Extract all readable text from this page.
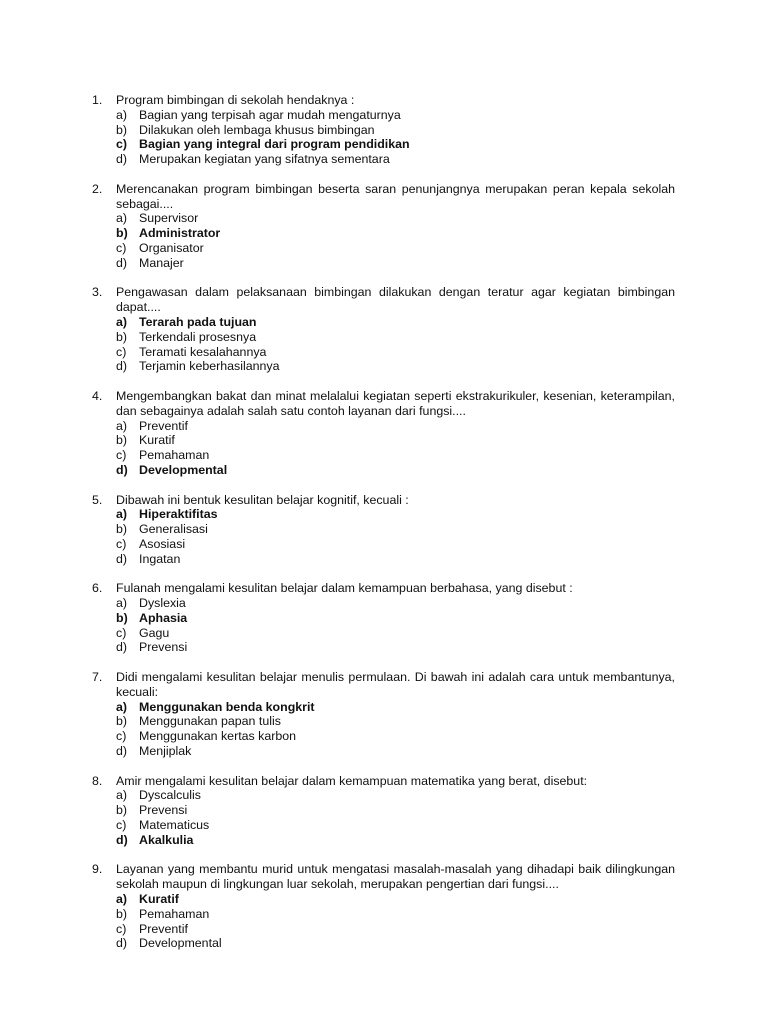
1.	Program bimbingan di sekolah hendaknya :
a) Bagian yang terpisah agar mudah mengaturnya
b) Dilakukan oleh lembaga khusus bimbingan
c) Bagian yang integral dari program pendidikan
d) Merupakan kegiatan yang sifatnya sementara
2.	Merencanakan program bimbingan beserta saran penunjangnya merupakan peran kepala sekolah sebagai....
a) Supervisor
b) Administrator
c) Organisator
d) Manajer
3.	Pengawasan dalam pelaksanaan bimbingan dilakukan dengan teratur agar kegiatan bimbingan dapat....
a) Terarah pada tujuan
b) Terkendali prosesnya
c) Teramati kesalahannya
d) Terjamin keberhasilannya
4.	Mengembangkan bakat dan minat melalalui kegiatan seperti ekstrakurikuler, kesenian, keterampilan, dan sebagainya adalah salah satu contoh layanan dari fungsi....
a) Preventif
b) Kuratif
c) Pemahaman
d) Developmental
5.	Dibawah ini bentuk kesulitan belajar kognitif, kecuali :
a) Hiperaktifitas
b) Generalisasi
c) Asosiasi
d) Ingatan
6.	Fulanah mengalami kesulitan belajar dalam kemampuan berbahasa, yang disebut :
a) Dyslexia
b) Aphasia
c) Gagu
d) Prevensi
7.	Didi mengalami kesulitan belajar menulis permulaan. Di bawah ini adalah cara untuk membantunya, kecuali:
a) Menggunakan benda kongkrit
b) Menggunakan papan tulis
c) Menggunakan kertas karbon
d) Menjiplak
8.	Amir mengalami kesulitan belajar dalam kemampuan matematika yang berat, disebut:
a) Dyscalculis
b) Prevensi
c) Matematicus
d) Akalkulia
9.	Layanan yang membantu murid untuk mengatasi masalah-masalah yang dihadapi baik dilingkungan sekolah maupun di lingkungan luar sekolah, merupakan pengertian dari fungsi....
a) Kuratif
b) Pemahaman
c) Preventif
d) Developmental
